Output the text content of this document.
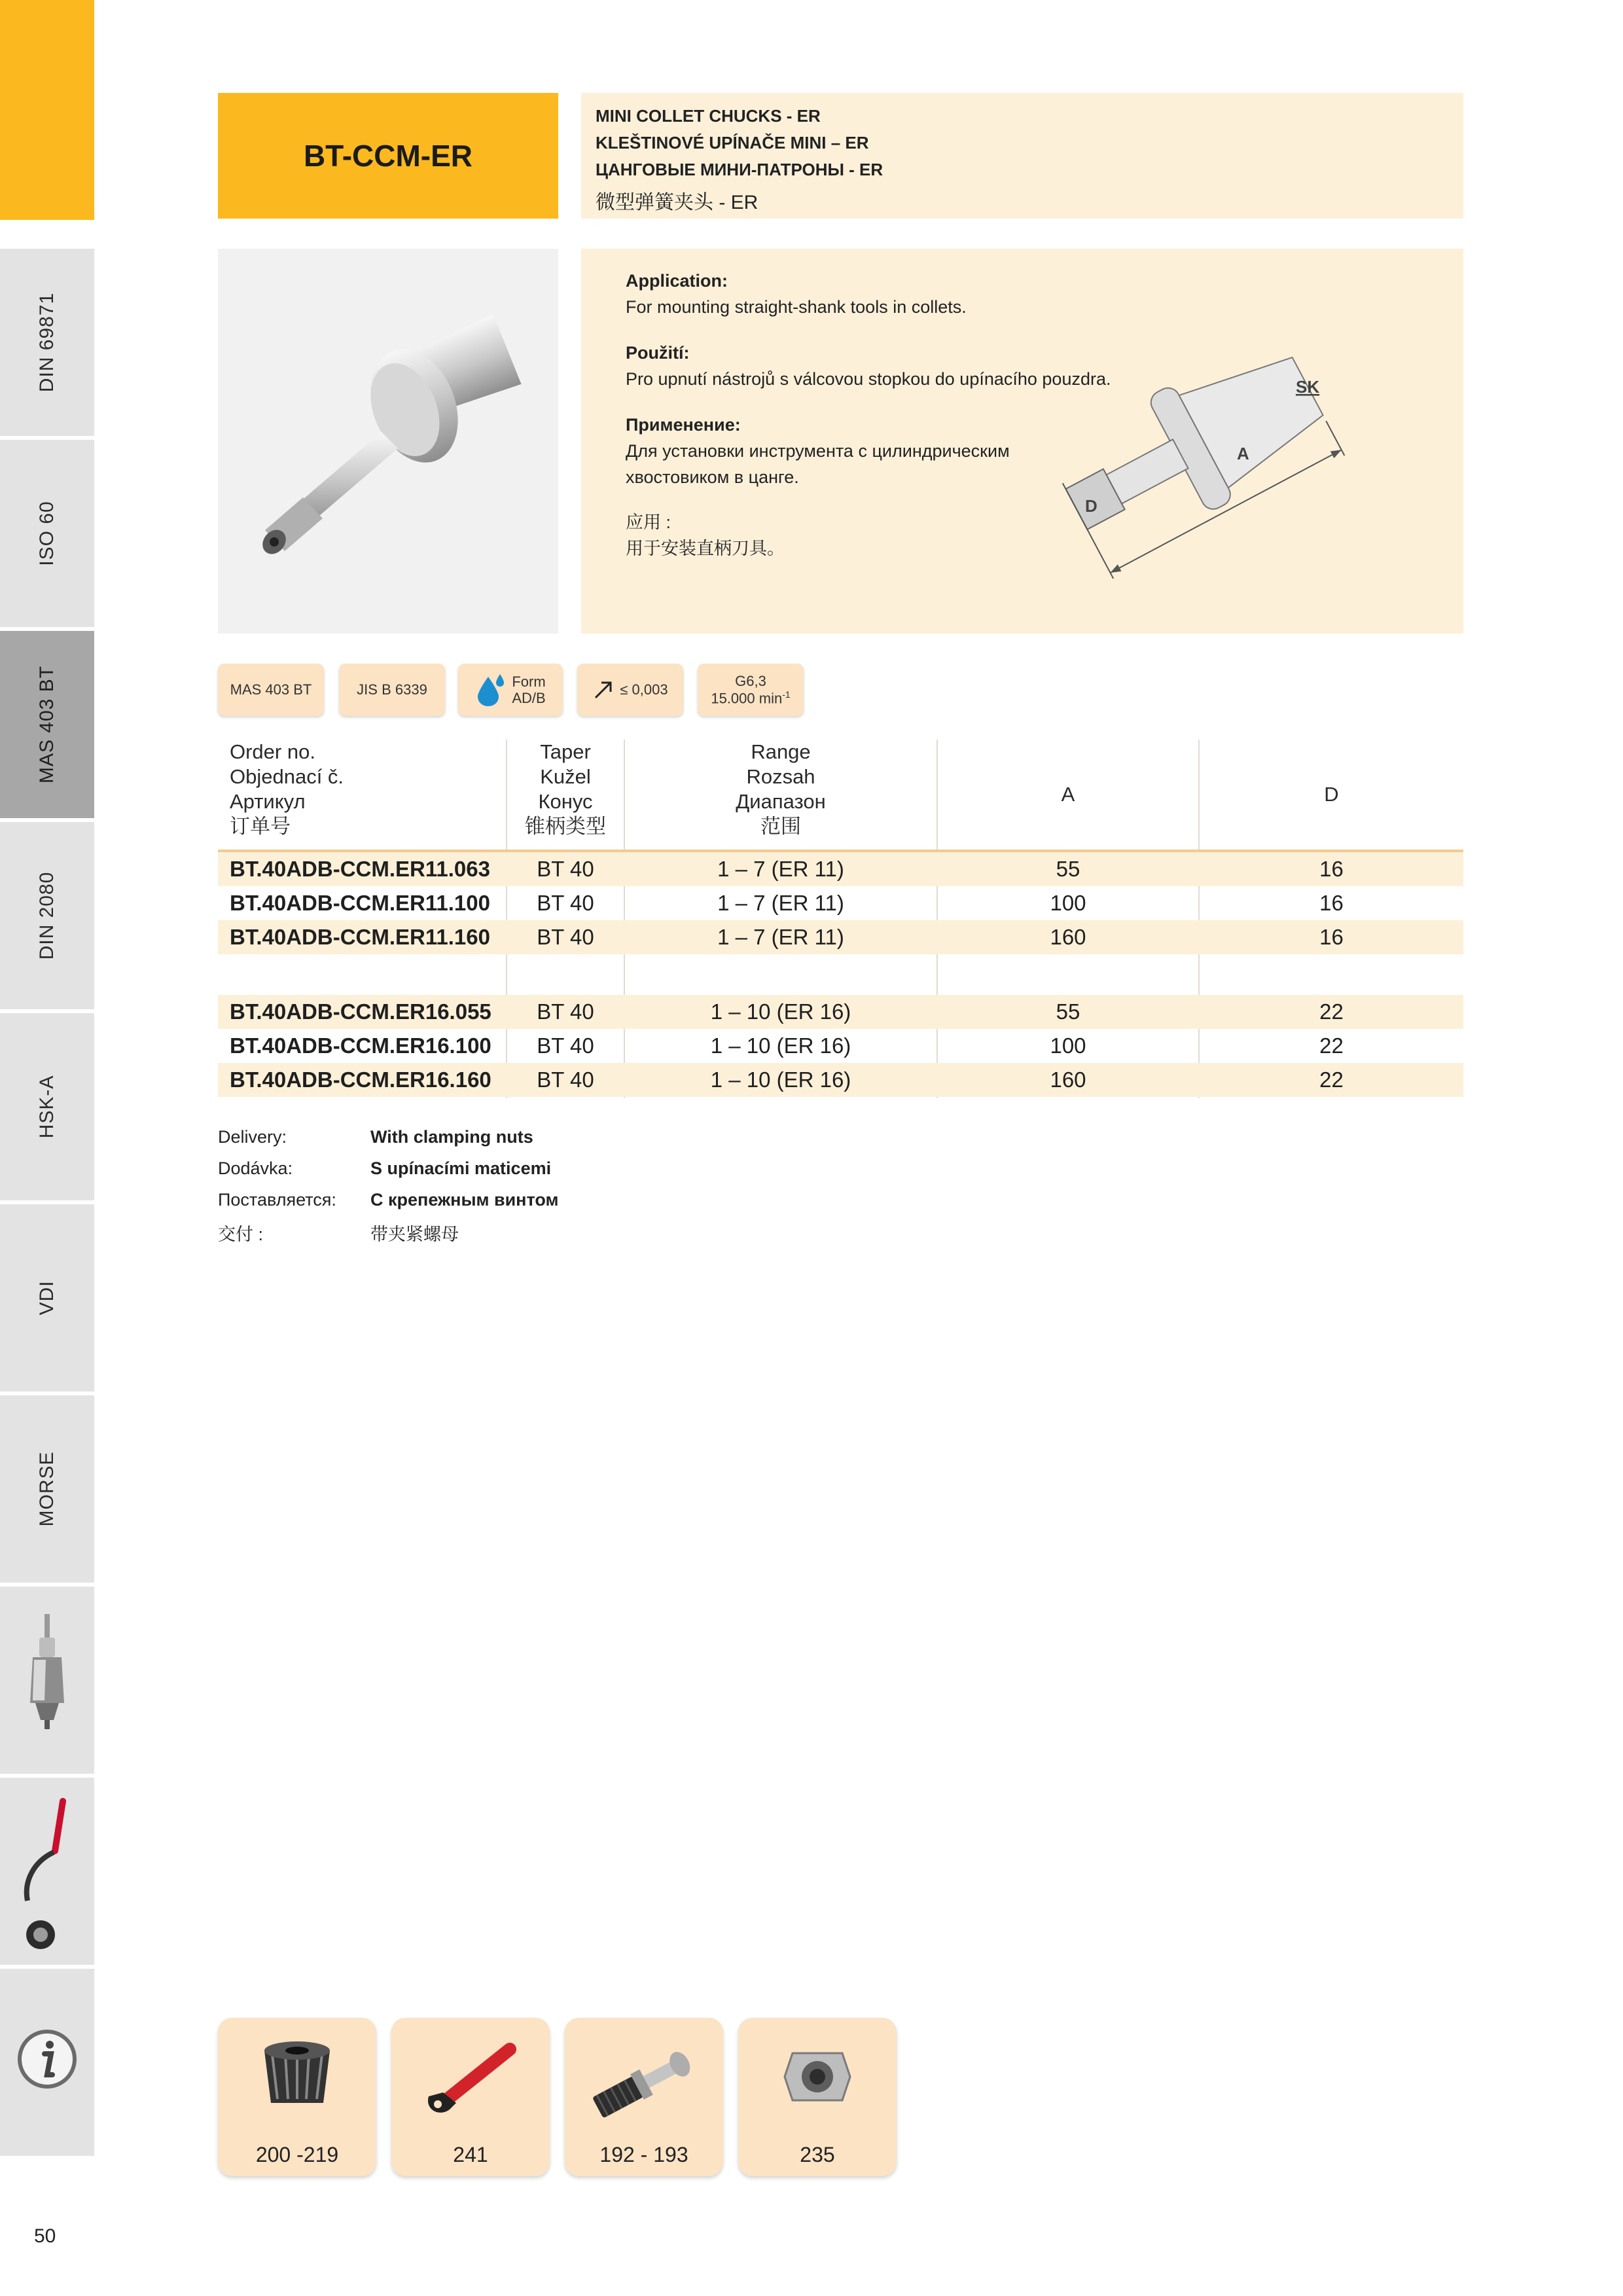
DIN 69871
ISO 60
MAS 403 BT
DIN 2080
HSK-A
VDI
MORSE
BT-CCM-ER
MINI COLLET CHUCKS - ER
KLEŠTINOVÉ UPÍNAČE MINI – ER
ЦАНГОВЫЕ МИНИ-ПАТРОНЫ - ER
微型弹簧夹头 - ER
Application:
For mounting straight-shank tools in collets.
Použití:
Pro upnutí nástrojů s válcovou stopkou do upínacího pouzdra.
Применение:
Для установки инструмента с цилиндрическим
хвостовиком в цанге.
应用 :
用于安装直柄刀具。
A
D
SK
MAS 403 BT	JIS B 6339
Form
AD/B
≤ 0,003
G6,3
15.000 $\min^{-1}$
Order no.
Objednací č.
Артикул
订单号
Taper
Kužel
Конус
锥柄类型
Range
Rozsah
Диапазон
范围
A	D
BT.40ADB-CCM.ER11.063	BT 40	1 – 7 (ER 11)	55	16
BT.40ADB-CCM.ER11.100	BT 40	1 – 7 (ER 11)	100	16
BT.40ADB-CCM.ER11.160	BT 40	1 – 7 (ER 11)	160	16
BT.40ADB-CCM.ER16.055	BT 40	1 – 10 (ER 16)	55	22
BT.40ADB-CCM.ER16.100	BT 40	1 – 10 (ER 16)	100	22
BT.40ADB-CCM.ER16.160	BT 40	1 – 10 (ER 16)	160	22
Delivery:	With clamping nuts
Dodávka:	S upínacími maticemi
Поставляется: С крепежным винтом
交付 :	带夹紧螺母
200 -219	241	192 - 193	235
50
